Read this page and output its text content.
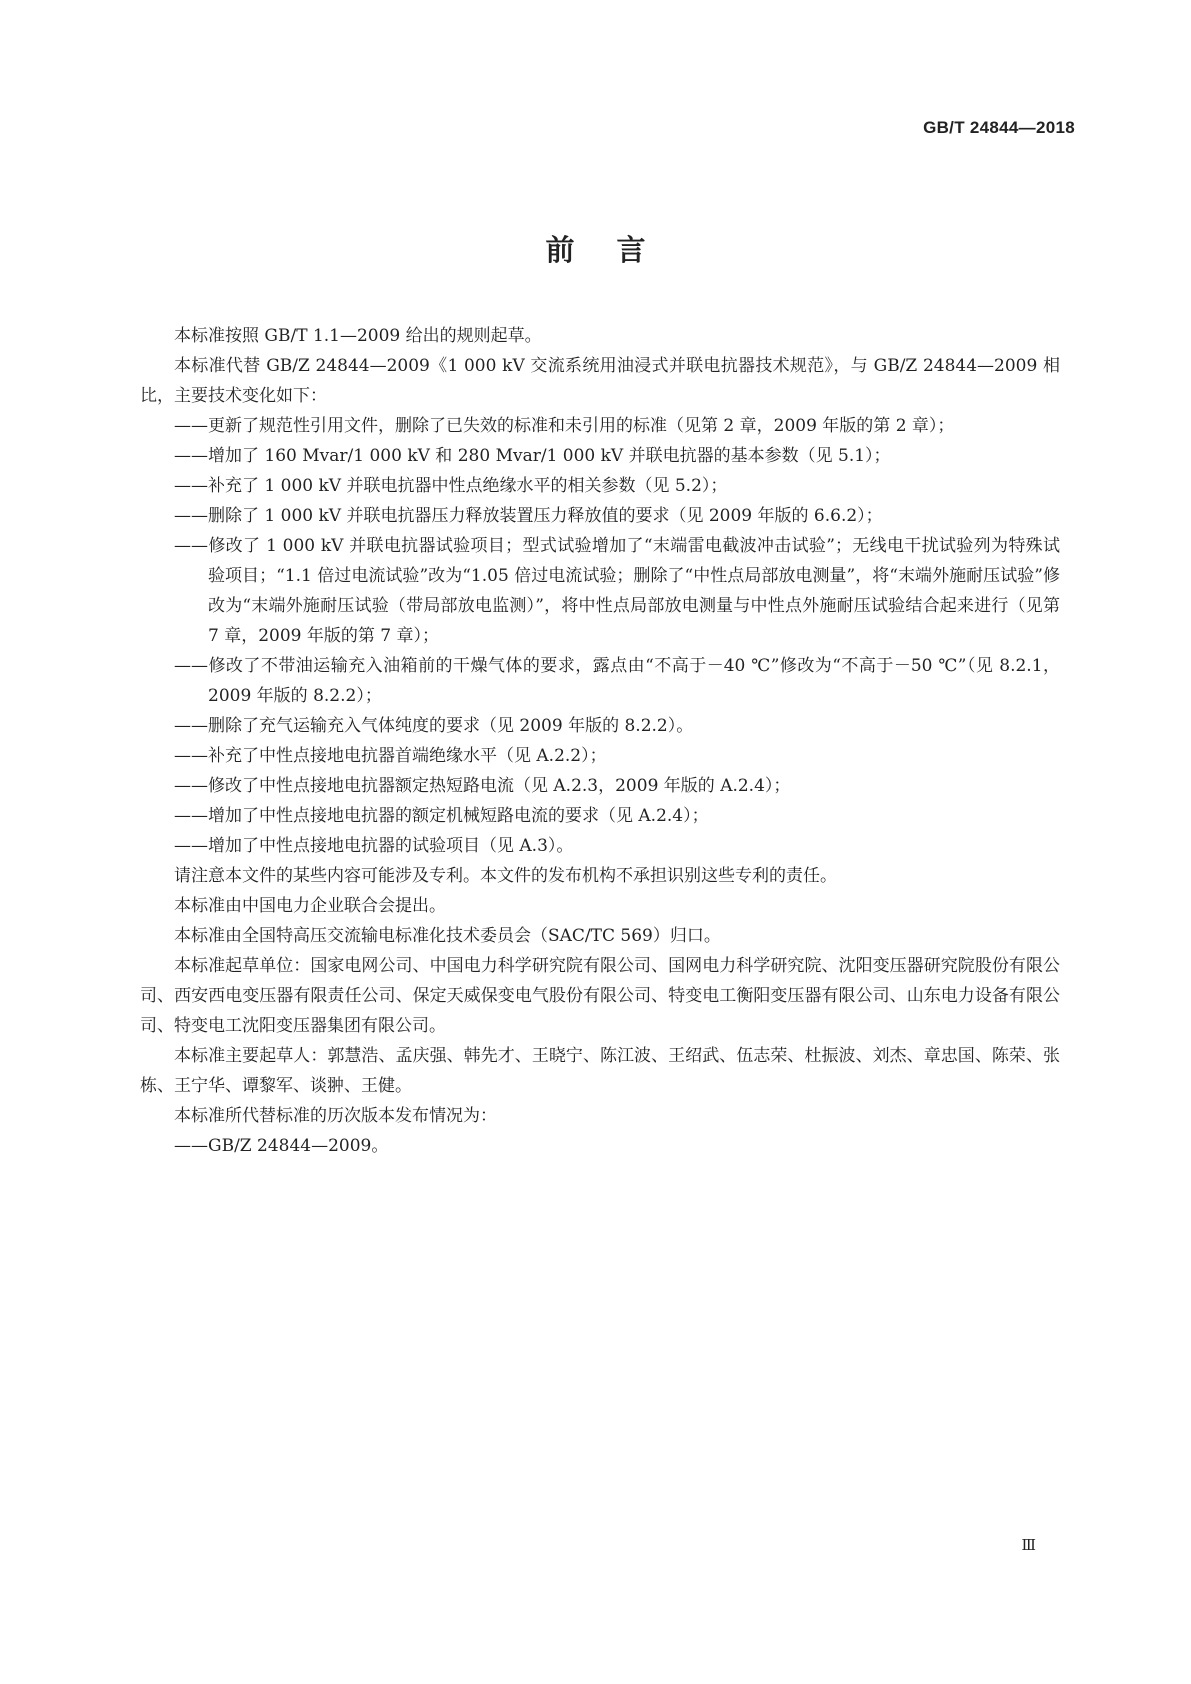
GB/T 24844—2018
前言

本标准按照 GB/T 1.1—2009 给出的规则起草。

本标准代替 GB/Z 24844—2009《1 000 kV 交流系统用油浸式并联电抗器技术规范》，与 GB/Z 24844—2009 相比，主要技术变化如下：

——更新了规范性引用文件，删除了已失效的标准和未引用的标准（见第 2 章，2009 年版的第 2 章）；

——增加了 160 Mvar/1 000 kV 和 280 Mvar/1 000 kV 并联电抗器的基本参数（见 5.1）；

——补充了 1 000 kV 并联电抗器中性点绝缘水平的相关参数（见 5.2）；

——删除了 1 000 kV 并联电抗器压力释放装置压力释放值的要求（见 2009 年版的 6.6.2）；

——修改了 1 000 kV 并联电抗器试验项目；型式试验增加了“末端雷电截波冲击试验”；无线电干扰试验列为特殊试验项目；“1.1 倍过电流试验”改为“1.05 倍过电流试验；删除了“中性点局部放电测量”，将“末端外施耐压试验”修改为“末端外施耐压试验（带局部放电监测）”，将中性点局部放电测量与中性点外施耐压试验结合起来进行（见第 7 章，2009 年版的第 7 章）；

——修改了不带油运输充入油箱前的干燥气体的要求，露点由“不高于－40 ℃”修改为“不高于－50 ℃”（见 8.2.1，2009 年版的 8.2.2）；

——删除了充气运输充入气体纯度的要求（见 2009 年版的 8.2.2）。

——补充了中性点接地电抗器首端绝缘水平（见 A.2.2）；

——修改了中性点接地电抗器额定热短路电流（见 A.2.3，2009 年版的 A.2.4）；

——增加了中性点接地电抗器的额定机械短路电流的要求（见 A.2.4）；

——增加了中性点接地电抗器的试验项目（见 A.3）。

请注意本文件的某些内容可能涉及专利。本文件的发布机构不承担识别这些专利的责任。

本标准由中国电力企业联合会提出。

本标准由全国特高压交流输电标准化技术委员会（SAC/TC 569）归口。

本标准起草单位：国家电网公司、中国电力科学研究院有限公司、国网电力科学研究院、沈阳变压器研究院股份有限公司、西安西电变压器有限责任公司、保定天威保变电气股份有限公司、特变电工衡阳变压器有限公司、山东电力设备有限公司、特变电工沈阳变压器集团有限公司。

本标准主要起草人：郭慧浩、孟庆强、韩先才、王晓宁、陈江波、王绍武、伍志荣、杜振波、刘杰、章忠国、陈荣、张栋、王宁华、谭黎军、谈翀、王健。

本标准所代替标准的历次版本发布情况为：

——GB/Z 24844—2009。

Ⅲ
